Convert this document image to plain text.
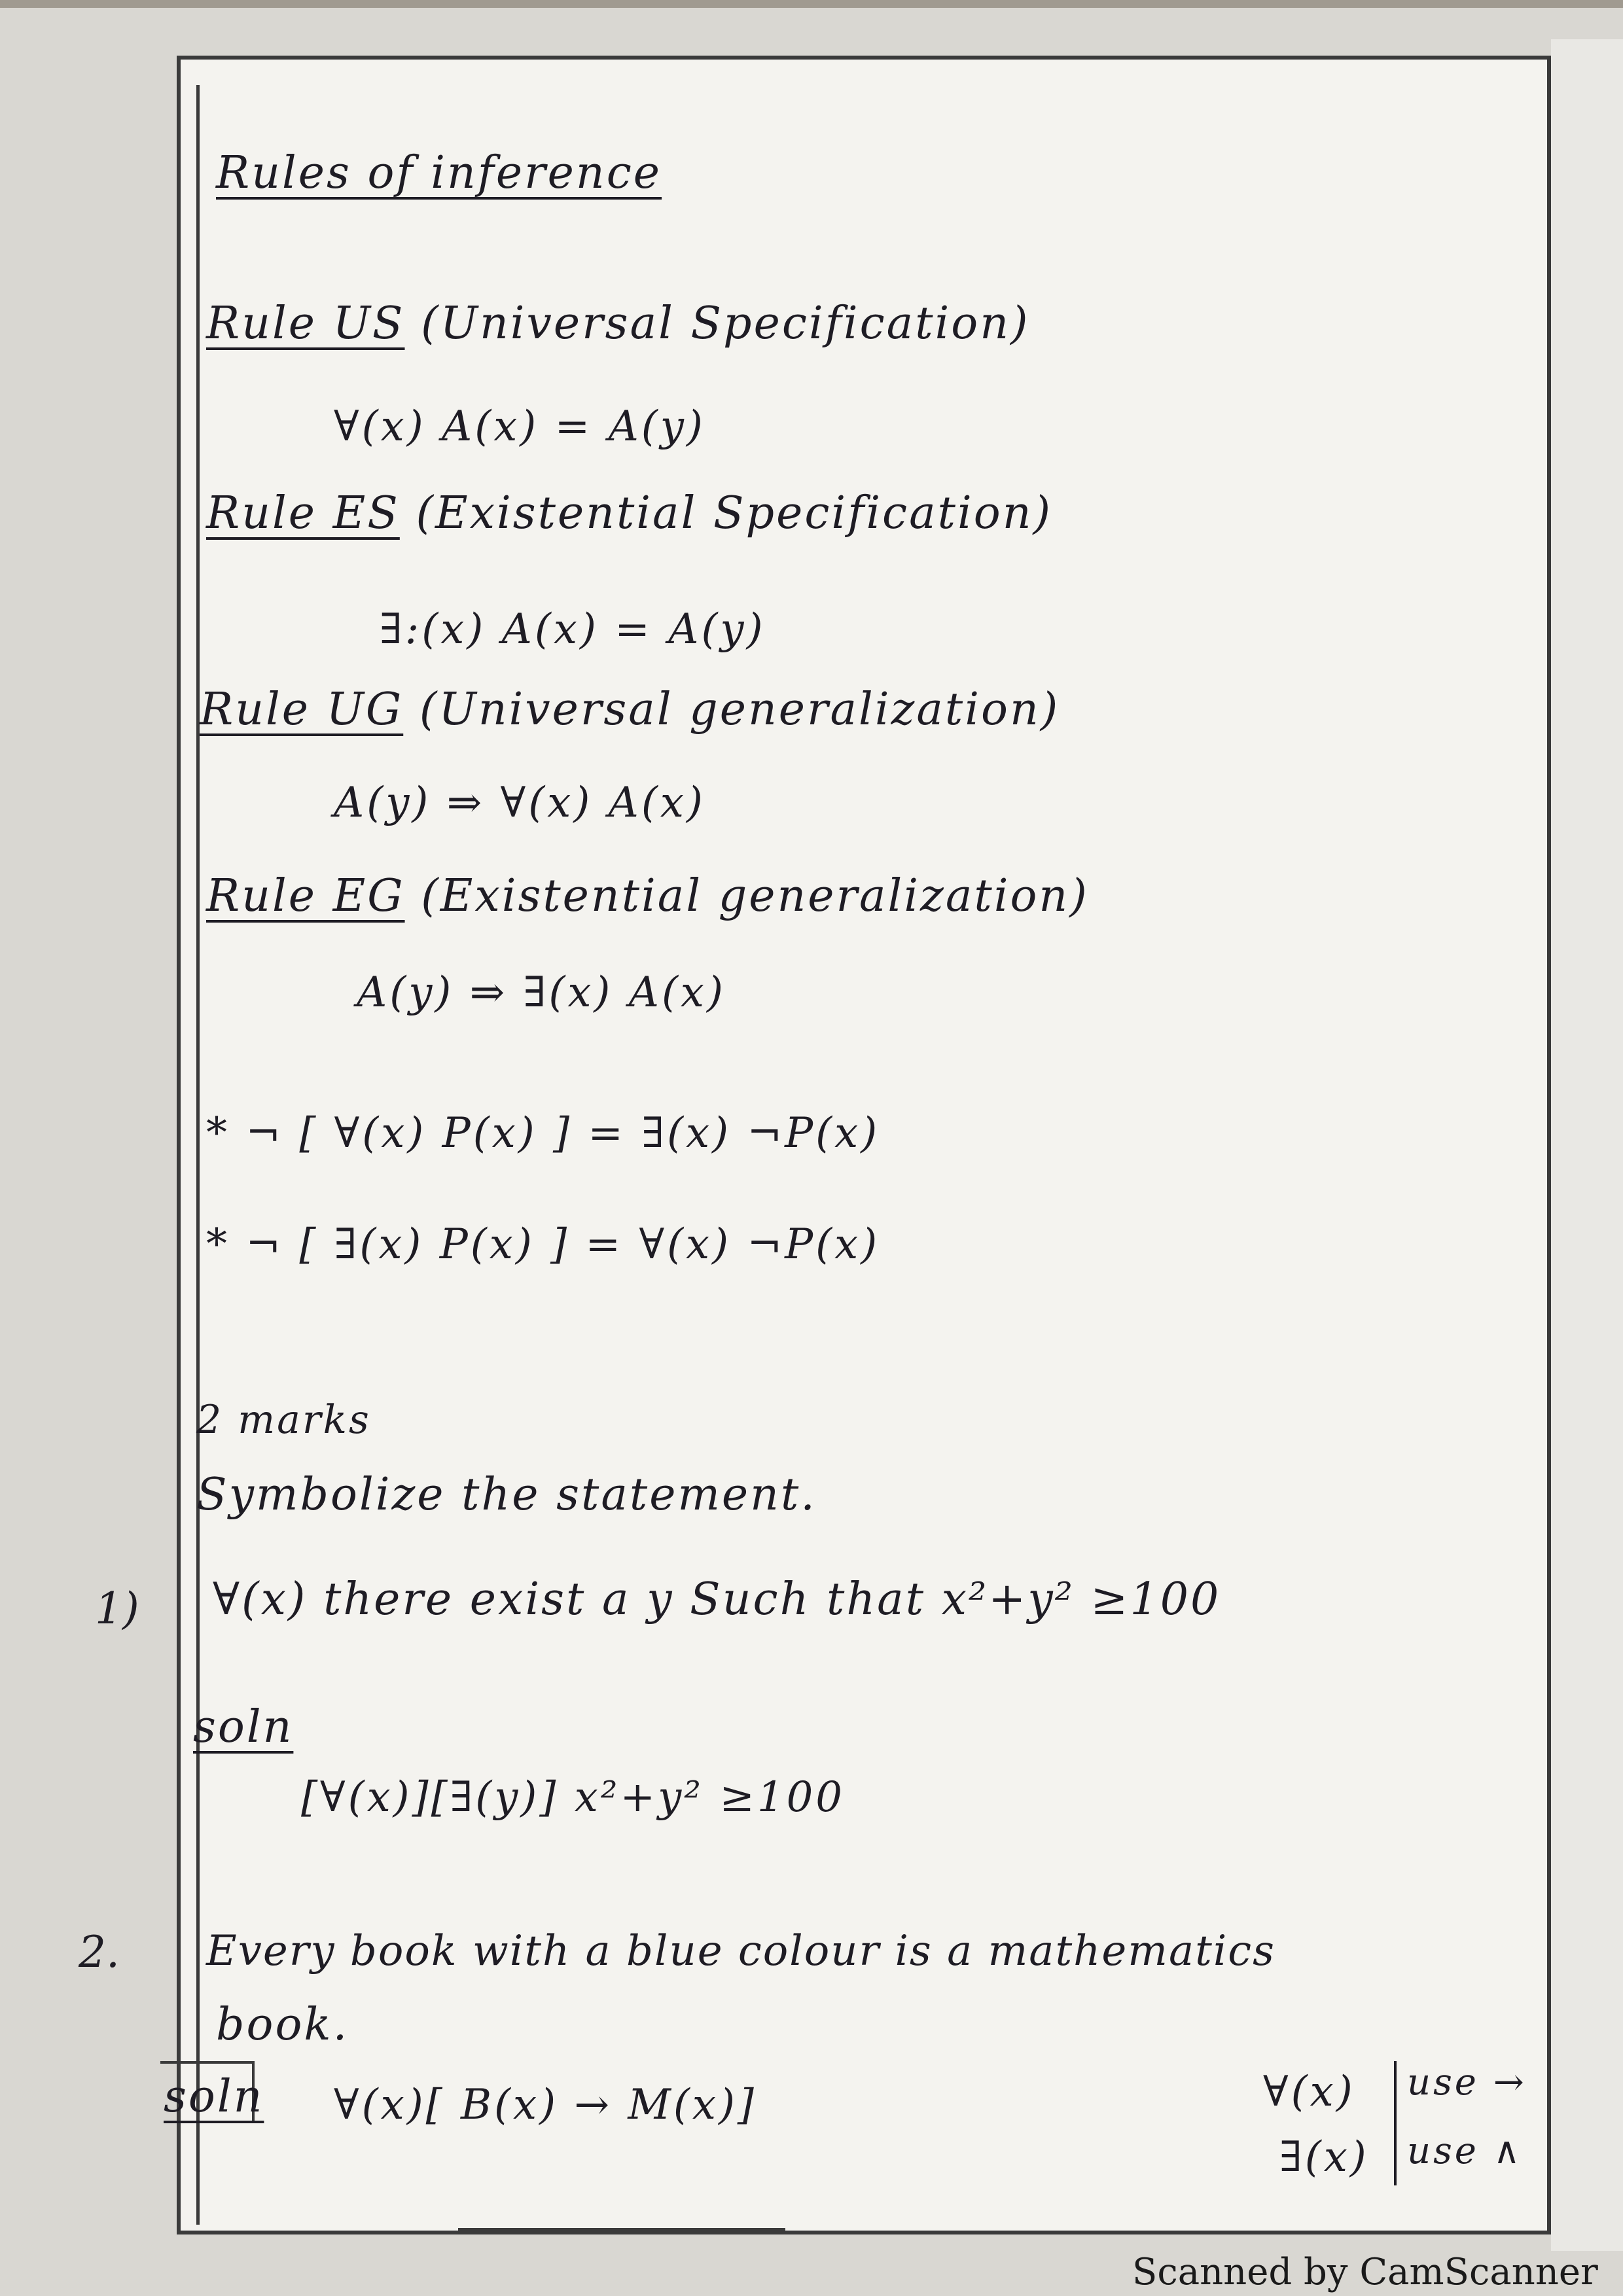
Rules of inference
Rule US (Universal Specification)
∀(x) A(x) = A(y)
Rule ES (Existential Specification)
∃:(x) A(x) = A(y)
Rule UG (Universal generalization)
A(y) ⇒ ∀(x) A(x)
Rule EG (Existential generalization)
A(y) ⇒ ∃(x) A(x)
* ¬ [ ∀(x) P(x) ] = ∃(x) ¬P(x)
* ¬ [ ∃(x) P(x) ] = ∀(x) ¬P(x)
2 marks
Symbolize the statement.
1) ∀(x) there exist a y Such that x²+y² ≥100
soln
[∀(x)][∃(y)] x²+y² ≥100
2. Every book with a blue colour is a mathematics
book.
soln ∀(x)[ B(x) → M(x)]	∀(x) use →
∃(x) use ∧
Scanned by CamScanner
